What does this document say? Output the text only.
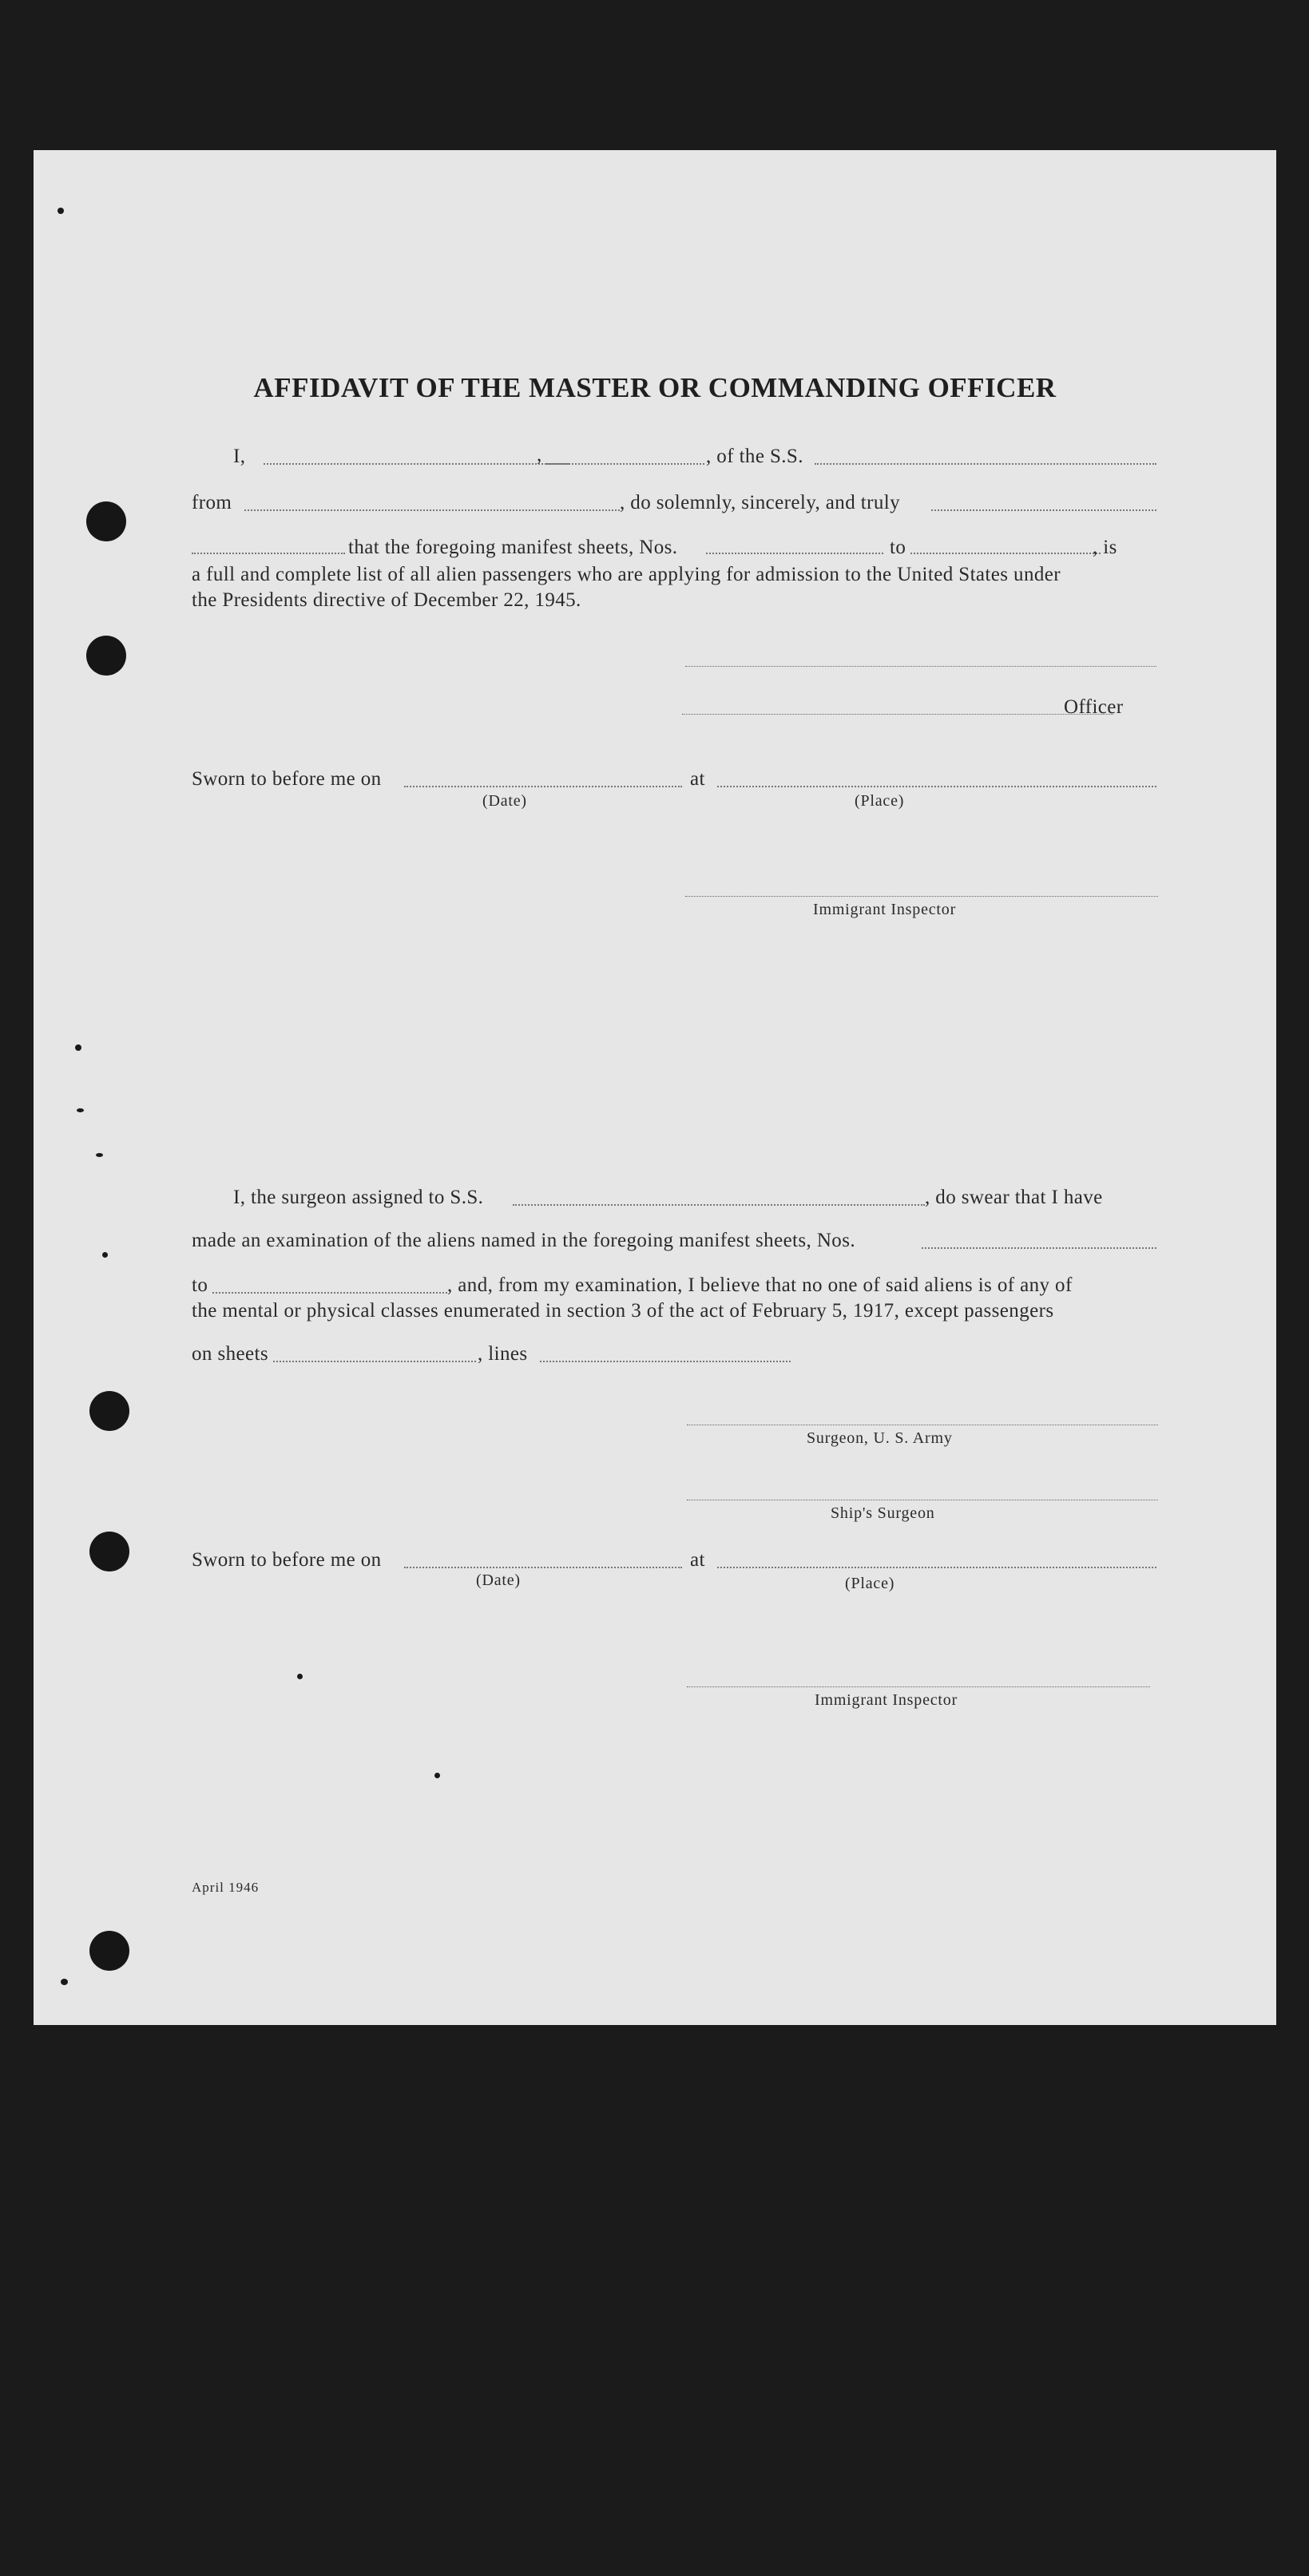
AFFIDAVIT OF THE MASTER OR COMMANDING OFFICER
I,	,	, of the S.S.
from	, do solemnly, sincerely, and truly
that the foregoing manifest sheets, Nos.	to	, is
a full and complete list of all alien passengers who are applying for admission to the United States under
the Presidents directive of December 22, 1945.
Officer
Sworn to before me on	at
(Date)	(Place)
Immigrant Inspector
I, the surgeon assigned to S.S.	, do swear that I have
made an examination of the aliens named in the foregoing manifest sheets, Nos.
to	, and, from my examination, I believe that no one of said aliens is of any of
the mental or physical classes enumerated in section 3 of the act of February 5, 1917, except passengers
on sheets	, lines
Surgeon, U. S. Army
Ship's Surgeon
Sworn to before me on	at
(Date)	(Place)
Immigrant Inspector
April 1946
